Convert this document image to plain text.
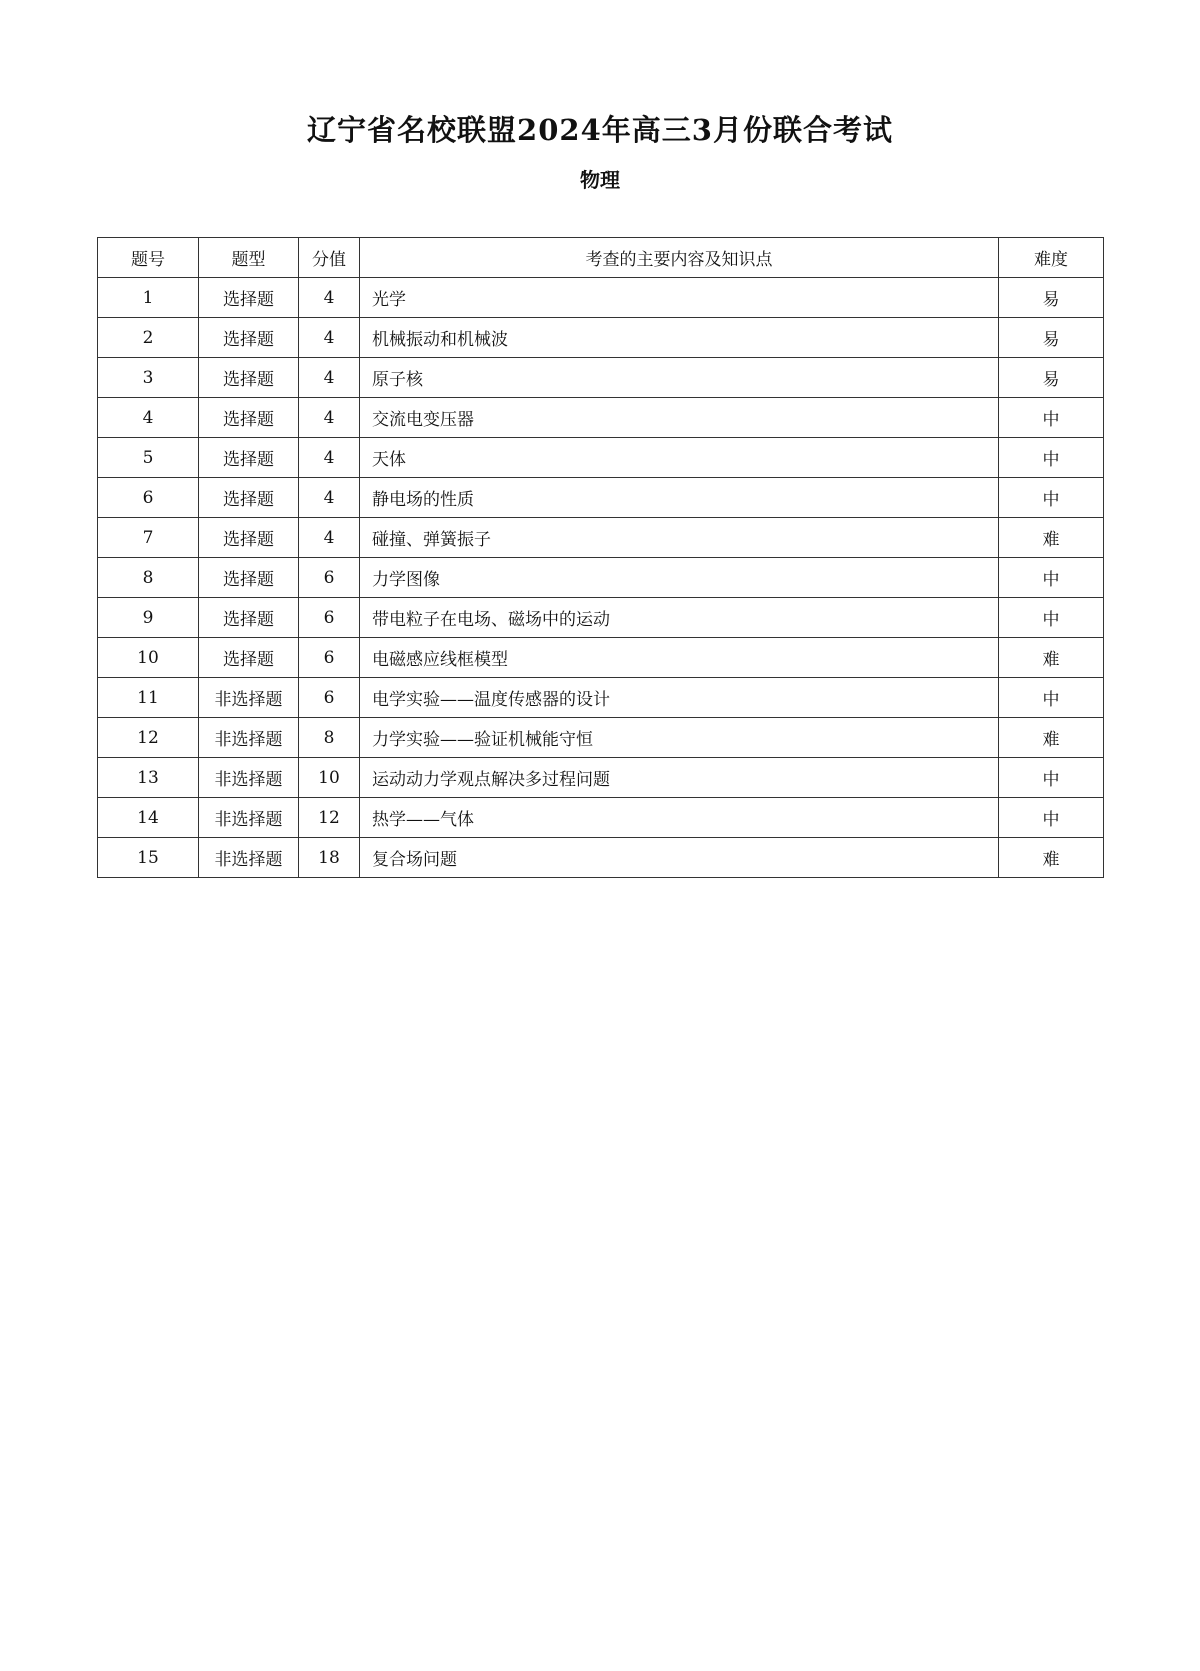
辽宁省名校联盟2024年高三3月份联合考试
物理
题号	题型	分值	考查的主要内容及知识点	难度
1	选择题	4	光学	易
2	选择题	4	机械振动和机械波	易
3	选择题	4	原子核	易
4	选择题	4	交流电变压器	中
5	选择题	4	天体	中
6	选择题	4	静电场的性质	中
7	选择题	4	碰撞、弹簧振子	难
8	选择题	6	力学图像	中
9	选择题	6	带电粒子在电场、磁场中的运动	中
10	选择题	6	电磁感应线框模型	难
11	非选择题	6	电学实验——温度传感器的设计	中
12	非选择题	8	力学实验——验证机械能守恒	难
13	非选择题	10	运动动力学观点解决多过程问题	中
14	非选择题	12	热学——气体	中
15	非选择题	18	复合场问题	难
